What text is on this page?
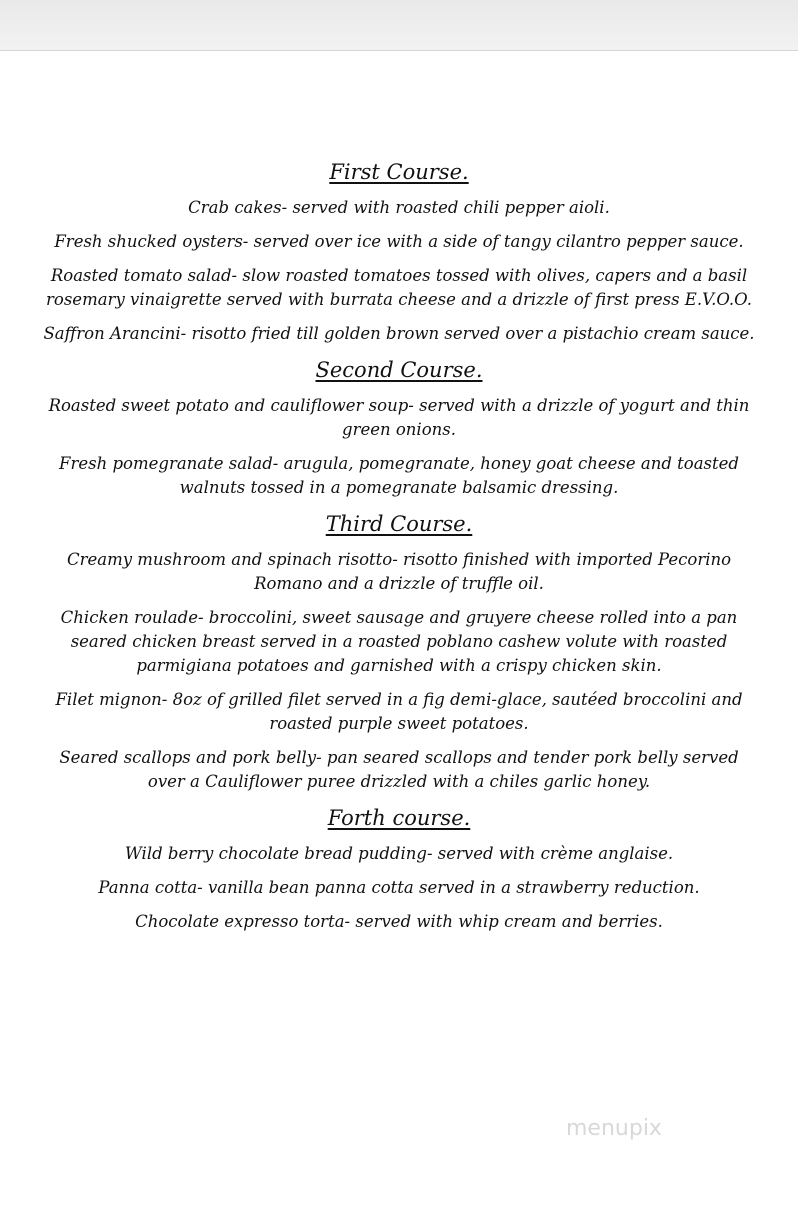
First Course.
Crab cakes- served with roasted chili pepper aioli.
Fresh shucked oysters- served over ice with a side of tangy cilantro pepper sauce.
Roasted tomato salad- slow roasted tomatoes tossed with olives, capers and a basil rosemary vinaigrette served with burrata cheese and a drizzle of first press E.V.O.O.
Saffron Arancini- risotto fried till golden brown served over a pistachio cream sauce.
Second Course.
Roasted sweet potato and cauliflower soup- served with a drizzle of yogurt and thin green onions.
Fresh pomegranate salad- arugula, pomegranate, honey goat cheese and toasted walnuts tossed in a pomegranate balsamic dressing.
Third Course.
Creamy mushroom and spinach risotto- risotto finished with imported Pecorino Romano and a drizzle of truffle oil.
Chicken roulade- broccolini, sweet sausage and gruyere cheese rolled into a pan seared chicken breast served in a roasted poblano cashew volute with roasted parmigiana potatoes and garnished with a crispy chicken skin.
Filet mignon- 8oz of grilled filet served in a fig demi-glace, sautéed broccolini and roasted purple sweet potatoes.
Seared scallops and pork belly- pan seared scallops and tender pork belly served over a Cauliflower puree drizzled with a chiles garlic honey.
Forth course.
Wild berry chocolate bread pudding- served with crème anglaise.
Panna cotta- vanilla bean panna cotta served in a strawberry reduction.
Chocolate expresso torta- served with whip cream and berries.
menupix
